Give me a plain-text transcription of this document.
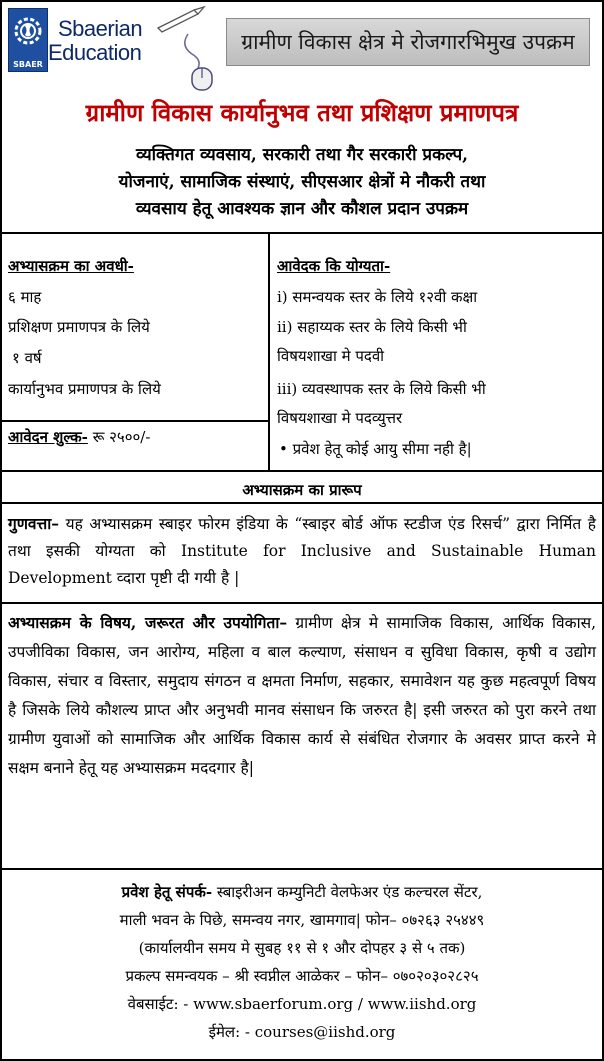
SBAER
Sbaerian
Education	ग्रामीण विकास क्षेत्र मे रोजगारभिमुख उपक्रम
ग्रामीण विकास कार्यानुभव तथा प्रशिक्षण प्रमाणपत्र
व्यक्तिगत व्यवसाय, सरकारी तथा गैर सरकारी प्रकल्प,
योजनाएं, सामाजिक संस्थाएं, सीएसआर क्षेत्रों मे नौकरी तथा
व्यवसाय हेतू आवश्यक ज्ञान और कौशल प्रदान उपक्रम
अभ्यासक्रम का अवधी-
६ माह
प्रशिक्षण प्रमाणपत्र के लिये
१ वर्ष
कार्यानुभव प्रमाणपत्र के लिये
आवेदन शुल्क- रू २५००/-
आवेदक कि योग्यता-
i) समन्वयक स्तर के लिये १२वी कक्षा
ii) सहाय्यक स्तर के लिये किसी भी
विषयशाखा मे पदवी
iii) व्यवस्थापक स्तर के लिये किसी भी
विषयशाखा मे पदव्युत्तर
• प्रवेश हेतू कोई आयु सीमा नही है|
अभ्यासक्रम का प्रारूप
गुणवत्ता– यह अभ्यासक्रम स्बाइर फोरम इंडिया के “स्बाइर बोर्ड ऑफ स्टडीज एंड रिसर्च” द्वारा निर्मित है तथा इसकी योग्यता को Institute for Inclusive and Sustainable Human Development व्दारा पृष्टी दी गयी है |
अभ्यासक्रम के विषय, जरूरत और उपयोगिता– ग्रामीण क्षेत्र मे सामाजिक विकास, आर्थिक विकास, उपजीविका विकास, जन आरोग्य, महिला व बाल कल्याण, संसाधन व सुविधा विकास, कृषी व उद्योग विकास, संचार व विस्तार, समुदाय संगठन व क्षमता निर्माण, सहकार, समावेशन यह कुछ महत्वपूर्ण विषय है जिसके लिये कौशल्य प्राप्त और अनुभवी मानव संसाधन कि जरुरत है| इसी जरुरत को पुरा करने तथा ग्रामीण युवाओं को सामाजिक और आर्थिक विकास कार्य से संबंधित रोजगार के अवसर प्राप्त करने मे सक्षम बनाने हेतू यह अभ्यासक्रम मददगार है|
प्रवेश हेतू संपर्क- स्बाइरीअन कम्युनिटी वेलफेअर एंड कल्चरल सेंटर,
माली भवन के पिछे, समन्वय नगर, खामगाव| फोन– ०७२६३ २५४४९
(कार्यालयीन समय मे सुबह ११ से १ और दोपहर ३ से ५ तक)
प्रकल्प समन्वयक – श्री स्वप्नील आळेकर – फोन– ०७०२०३०२८२५
वेबसाईट: - www.sbaerforum.org / www.iishd.org
ईमेल: - courses@iishd.org
